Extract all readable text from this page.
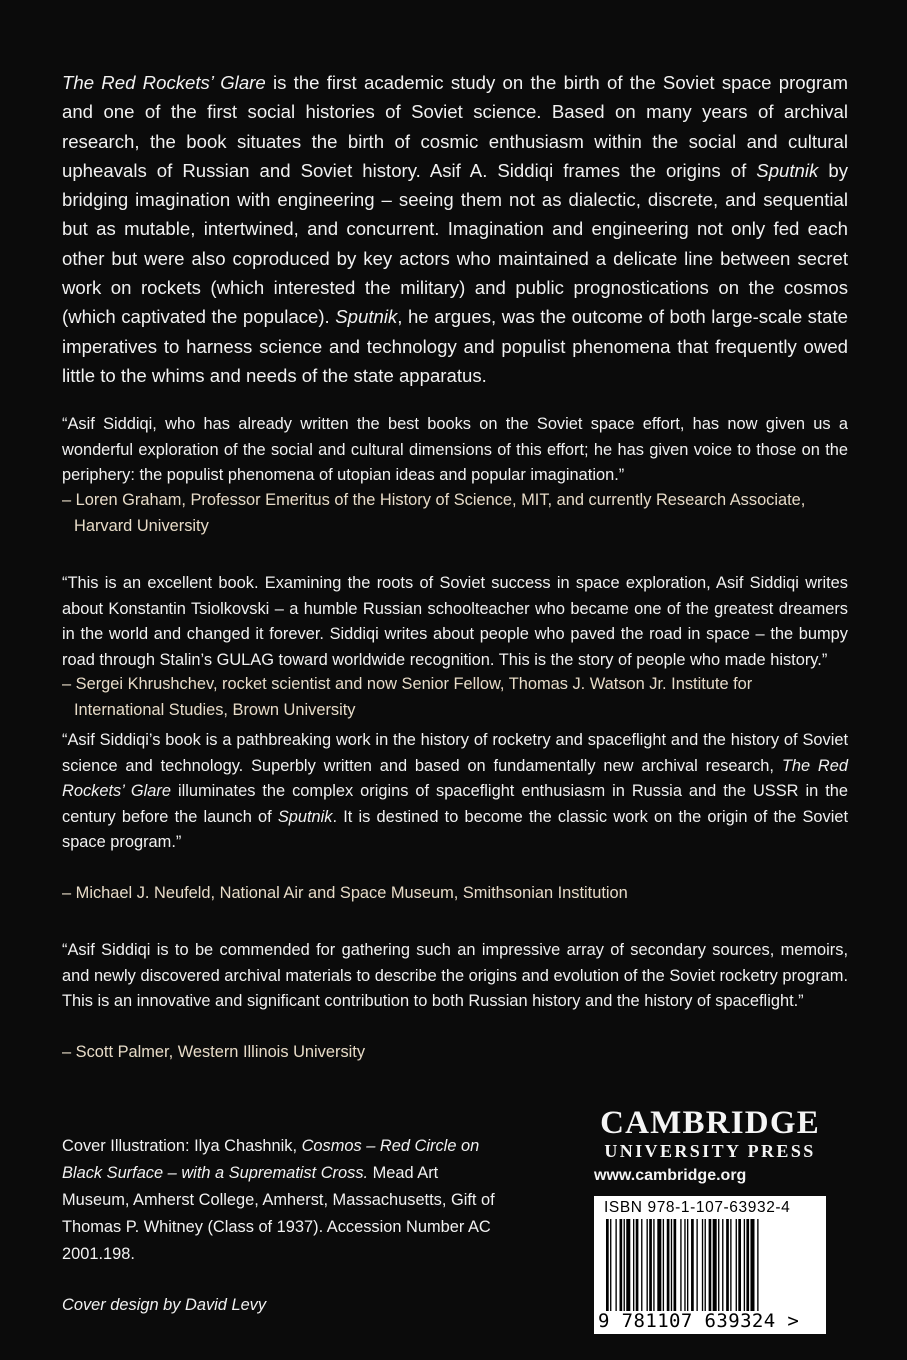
The Red Rockets’ Glare is the first academic study on the birth of the Soviet space program and one of the first social histories of Soviet science. Based on many years of archival research, the book situates the birth of cosmic enthusiasm within the social and cultural upheavals of Russian and Soviet history. Asif A. Siddiqi frames the origins of Sputnik by bridging imagination with engineering – seeing them not as dialectic, discrete, and sequential but as mutable, intertwined, and concurrent. Imagination and engineering not only fed each other but were also coproduced by key actors who maintained a delicate line between secret work on rockets (which interested the military) and public prognostications on the cosmos (which captivated the populace). Sputnik, he argues, was the outcome of both large-scale state imperatives to harness science and technology and populist phenomena that frequently owed little to the whims and needs of the state apparatus.

“Asif Siddiqi, who has already written the best books on the Soviet space effort, has now given us a wonderful exploration of the social and cultural dimensions of this effort; he has given voice to those on the periphery: the populist phenomena of utopian ideas and popular imagination.”

– Loren Graham, Professor Emeritus of the History of Science, MIT, and currently Research Associate,
Harvard University

“This is an excellent book. Examining the roots of Soviet success in space exploration, Asif Siddiqi writes about Konstantin Tsiolkovski – a humble Russian schoolteacher who became one of the greatest dreamers in the world and changed it forever. Siddiqi writes about people who paved the road in space – the bumpy road through Stalin’s GULAG toward worldwide recognition. This is the story of people who made history.”

– Sergei Khrushchev, rocket scientist and now Senior Fellow, Thomas J. Watson Jr. Institute for
International Studies, Brown University

“Asif Siddiqi’s book is a pathbreaking work in the history of rocketry and spaceflight and the history of Soviet science and technology. Superbly written and based on fundamentally new archival research, The Red Rockets’ Glare illuminates the complex origins of spaceflight enthusiasm in Russia and the USSR in the century before the launch of Sputnik. It is destined to become the classic work on the origin of the Soviet space program.”

– Michael J. Neufeld, National Air and Space Museum, Smithsonian Institution

“Asif Siddiqi is to be commended for gathering such an impressive array of secondary sources, memoirs, and newly discovered archival materials to describe the origins and evolution of the Soviet rocketry program. This is an innovative and significant contribution to both Russian history and the history of spaceflight.”

– Scott Palmer, Western Illinois University

Cover Illustration: Ilya Chashnik, Cosmos – Red Circle on Black Surface – with a Suprematist Cross. Mead Art Museum, Amherst College, Amherst, Massachusetts, Gift of Thomas P. Whitney (Class of 1937). Accession Number AC 2001.198.

Cover design by David Levy

CAMBRIDGE
UNIVERSITY PRESS
www.cambridge.org
ISBN 978-1-107-63932-4
9 781107 639324 >
